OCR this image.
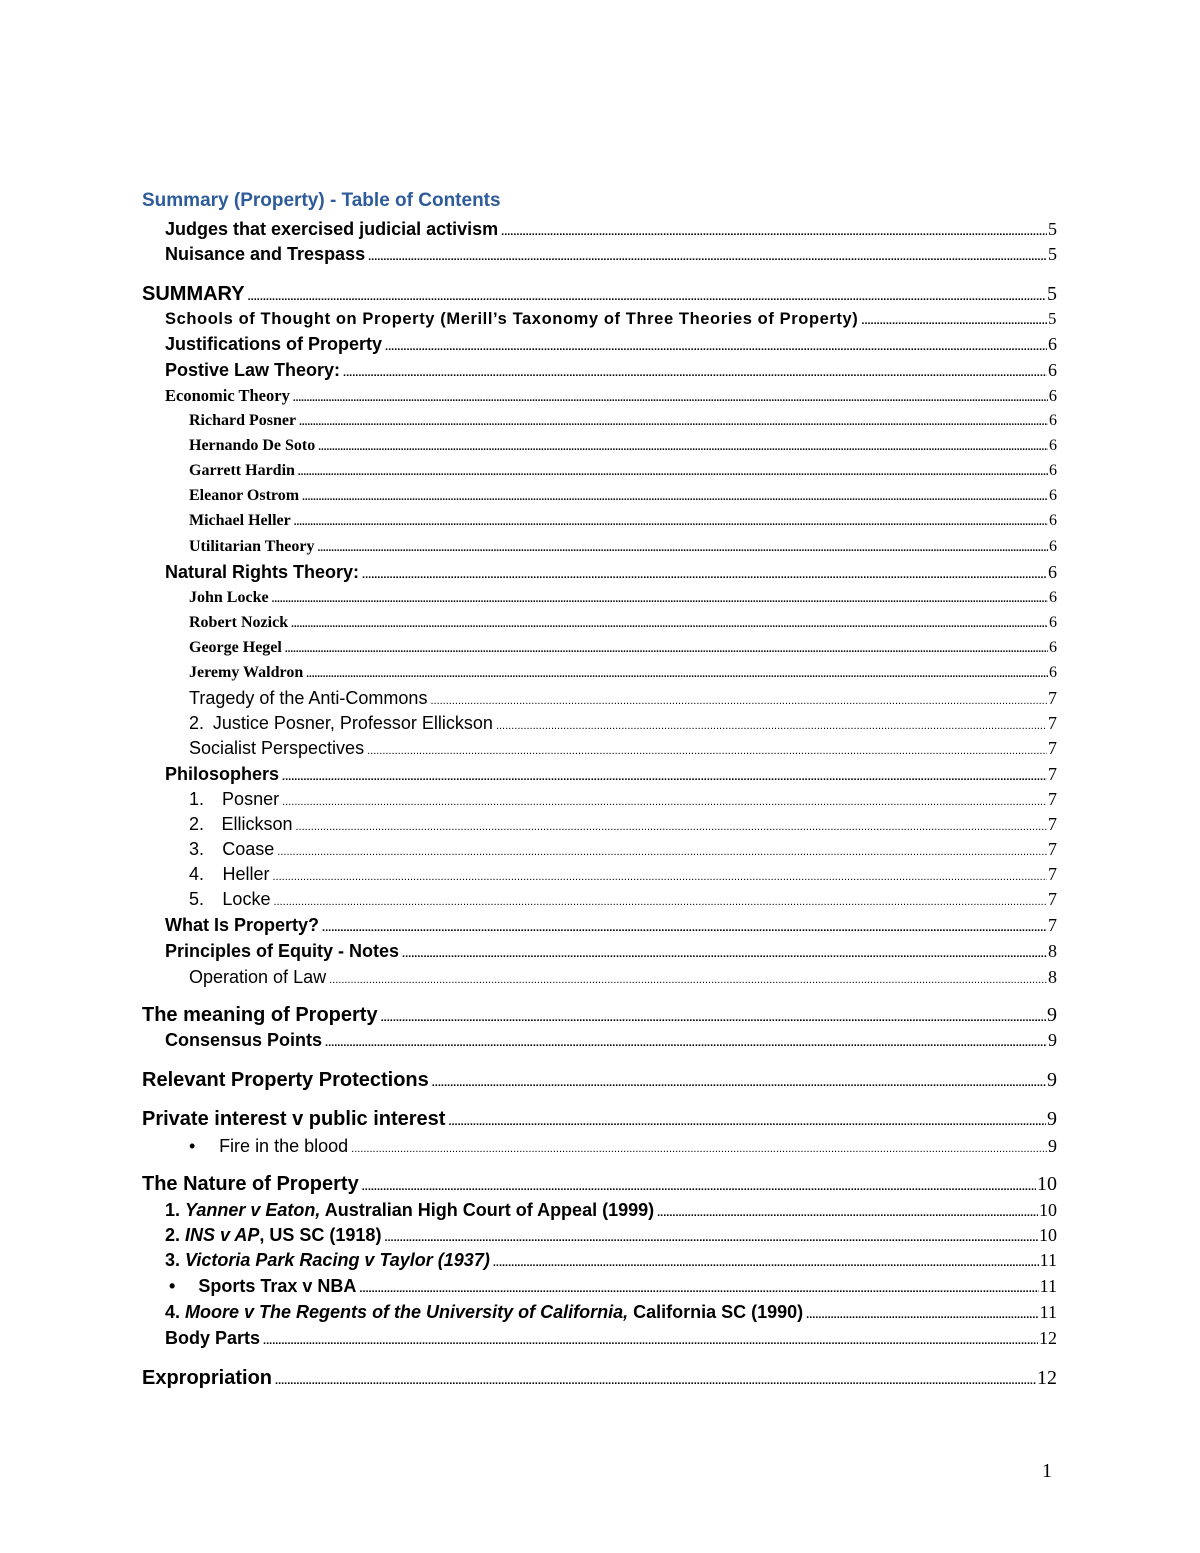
Summary (Property) - Table of Contents
Judges that exercised judicial activism .....	5
Nuisance and Trespass .....	5
SUMMARY .....	5
Schools of Thought on Property (Merill’s Taxonomy of Three Theories of Property) .....	5
Justifications of Property .....	6
Postive Law Theory: .....	6
Economic Theory .....	6
Richard Posner .....	6
Hernando De Soto .....	6
Garrett Hardin .....	6
Eleanor Ostrom .....	6
Michael Heller .....	6
Utilitarian Theory .....	6
Natural Rights Theory: .....	6
John Locke .....	6
Robert Nozick .....	6
George Hegel .....	6
Jeremy Waldron .....	6
Tragedy of the Anti-Commons .....	7
2. Justice Posner, Professor Ellickson .....	7
Socialist Perspectives .....	7
Philosophers .....	7
1.	Posner .....	7
2. Ellickson .....	7
3.	Coase .....	7
4.	Heller .....	7
5.	Locke .....	7
What Is Property? .....	7
Principles of Equity - Notes .....	8
Operation of Law .....	8
The meaning of Property .....	9
Consensus Points .....	9
Relevant Property Protections .....	9
Private interest v public interest .....	9
•	Fire in the blood .....	9
The Nature of Property .....	10
1. Yanner v Eaton, Australian High Court of Appeal (1999) .....	10
2. INS v AP, US SC (1918) .....	10
3. Victoria Park Racing v Taylor (1937) .....	11
•	Sports Trax v NBA .....	11
4. Moore v The Regents of the University of California, California SC (1990) .....	11
Body Parts .....	12
Expropriation .....	12
1
